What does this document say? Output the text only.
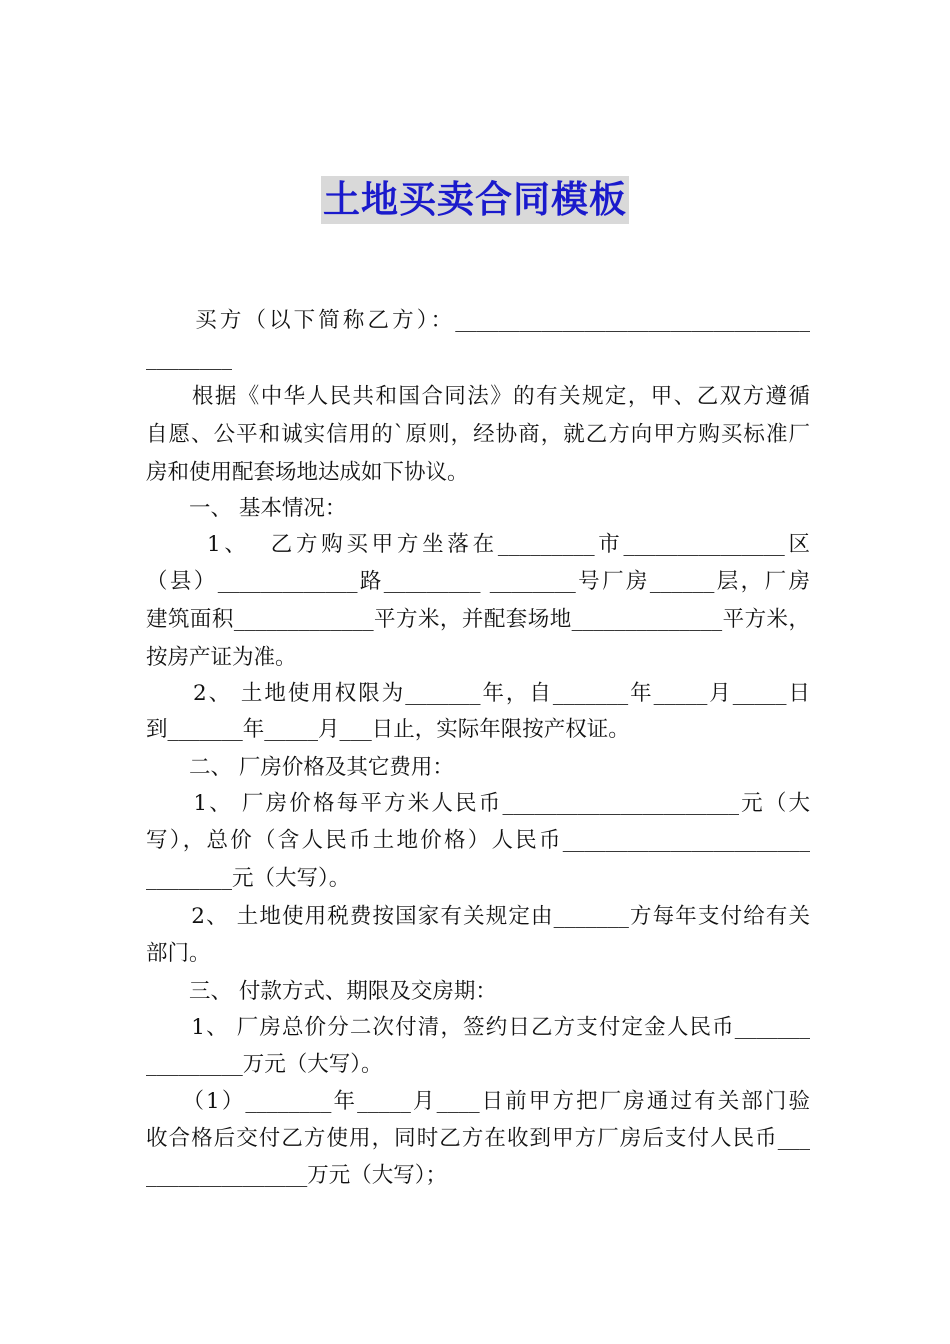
土地买卖合同模板
　　买方（以下简称乙方）：_________________________________
________
　　根据《中华人民共和国合同法》的有关规定，甲、乙双方遵循
自愿、公平和诚实信用的`原则，经协商，就乙方向甲方购买标准厂
房和使用配套场地达成如下协议。
　　一、 基本情况：
　　 1、  乙方购买甲方坐落在_________市_______________区
（县）_____________路_________ ________号厂房______层，厂房
建筑面积_____________平方米，并配套场地______________平方米，
按房产证为准。
　　2、 土地使用权限为_______年，自_______年_____月_____日
到_______年_____月___日止，实际年限按产权证。
　　二、 厂房价格及其它费用：
　　1、 厂房价格每平方米人民币______________________元（大
写），总价（含人民币土地价格）人民币_______________________
________元（大写）。
　　2、 土地使用税费按国家有关规定由_______方每年支付给有关
部门。
　　三、 付款方式、期限及交房期：
　　1、 厂房总价分二次付清，签约日乙方支付定金人民币_______
_________万元（大写）。
　　（1）________年_____月____日前甲方把厂房通过有关部门验
收合格后交付乙方使用，同时乙方在收到甲方厂房后支付人民币___
_______________万元（大写）；
